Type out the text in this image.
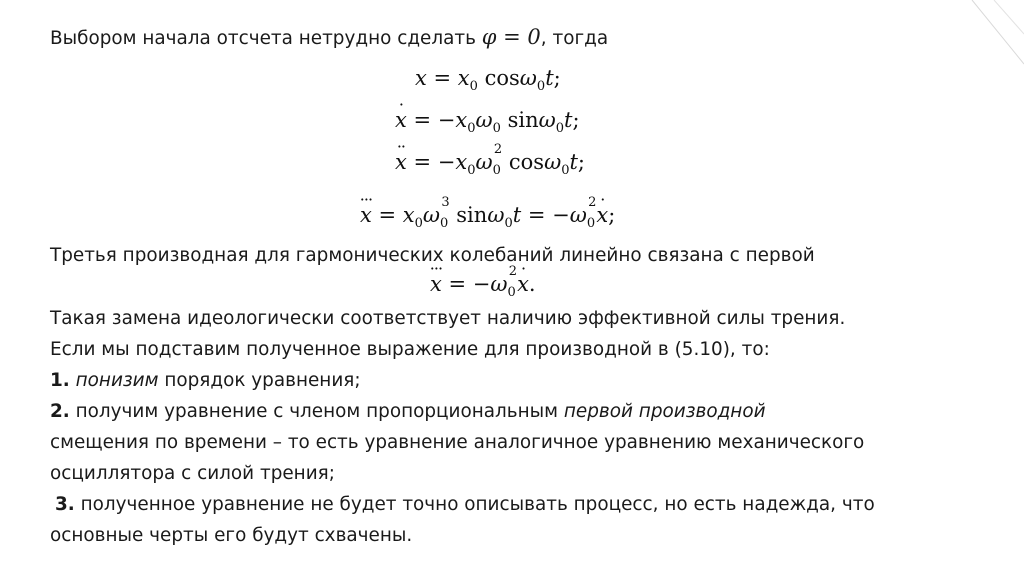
Выбором начала отсчета нетрудно сделать φ = 0, тогда
$x = x_0$ cosω$_0$t;
· $x = -x_0\omega_0$ sinω$_0$t;
·· $x = -x_0\omega_0^2$ cosω$_0$t;
··· $x = x_0\omega_0^3$ $\sin\omega_0t = -\omega_0^2\cdot x$;
Третья производная для гармонических колебаний линейно связана с первой
··· $x = -\omega_0^2\cdot x$.
Такая замена идеологически соответствует наличию эффективной силы трения.
Если мы подставим полученное выражение для производной в (5.10), то:
1. понизим порядок уравнения;
2. получим уравнение с членом пропорциональным первой производной
смещения по времени – то есть уравнение аналогичное уравнению механического
осциллятора с силой трения;
3. полученное уравнение не будет точно описывать процесс, но есть надежда, что
основные черты его будут схвачены.
